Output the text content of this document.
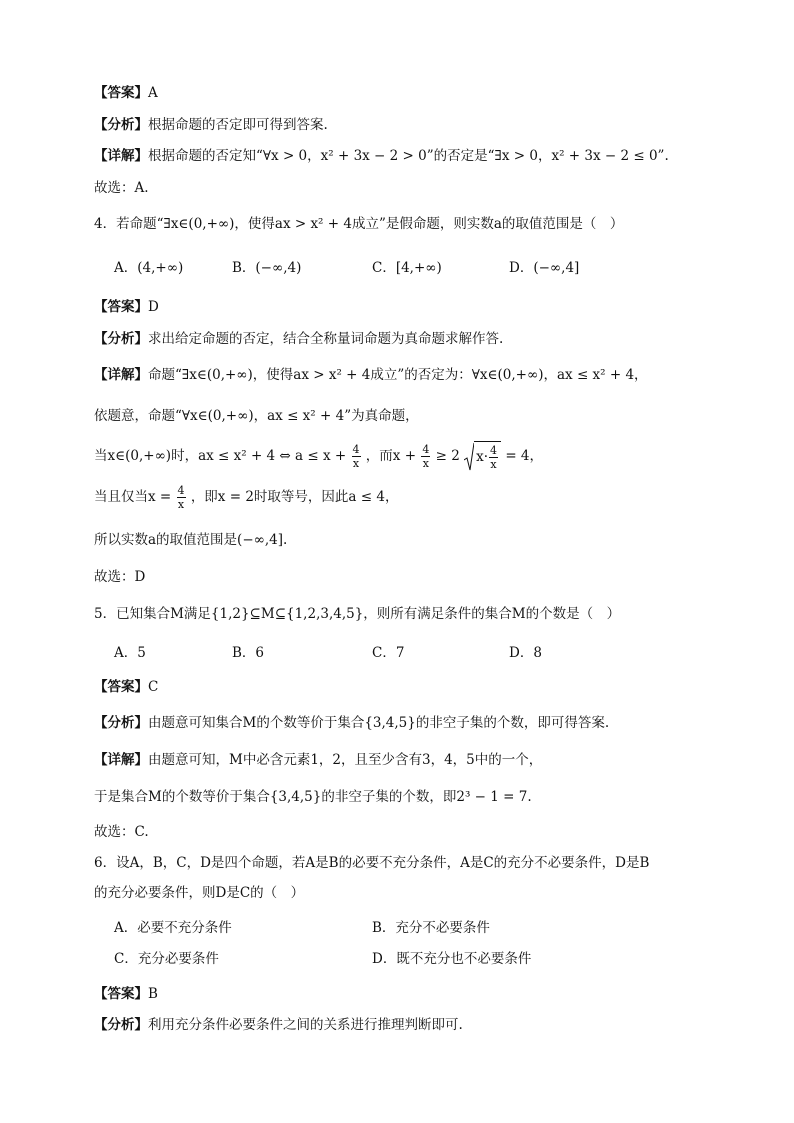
【答案】A
【分析】根据命题的否定即可得到答案.
【详解】根据命题的否定知“∀x > 0，x² + 3x − 2 > 0”的否定是“∃x > 0，x² + 3x − 2 ≤ 0”.
故选：A.
4．若命题“∃x∈(0,+∞)，使得ax > x² + 4成立”是假命题，则实数a的取值范围是（　）
A．(4,+∞)	B．(−∞,4)	C．[4,+∞)	D．(−∞,4]
【答案】D
【分析】求出给定命题的否定，结合全称量词命题为真命题求解作答.
【详解】命题“∃x∈(0,+∞)，使得ax > x² + 4成立”的否定为：∀x∈(0,+∞)，ax ≤ x² + 4，
依题意，命题“∀x∈(0,+∞)，ax ≤ x² + 4”为真命题，
当x∈(0,+∞)时，ax ≤ x² + 4 ⇔ $a \le x + \frac{4}{x}$ ，而$x + \frac{4}{x} \ge 2$ $x\cdot \frac{4}{x} = 4$，
当且仅当$x = \frac{4}{x}$ ，即x = 2时取等号，因此a ≤ 4，
所以实数a的取值范围是(−∞,4].
故选：D
5．已知集合M满足{1,2}⊆M⊆{1,2,3,4,5}，则所有满足条件的集合M的个数是（　）
A．5	B．6	C．7	D．8
【答案】C
【分析】由题意可知集合M的个数等价于集合{3,4,5}的非空子集的个数，即可得答案.
【详解】由题意可知，M中必含元素1，2，且至少含有3，4，5中的一个，
于是集合M的个数等价于集合{3,4,5}的非空子集的个数，即2³ − 1 = 7.
故选：C.
6．设A，B，C，D是四个命题，若A是B的必要不充分条件，A是C的充分不必要条件，D是B
的充分必要条件，则D是C的（　）
A．必要不充分条件	B．充分不必要条件
C．充分必要条件	D．既不充分也不必要条件
【答案】B
【分析】利用充分条件必要条件之间的关系进行推理判断即可.
